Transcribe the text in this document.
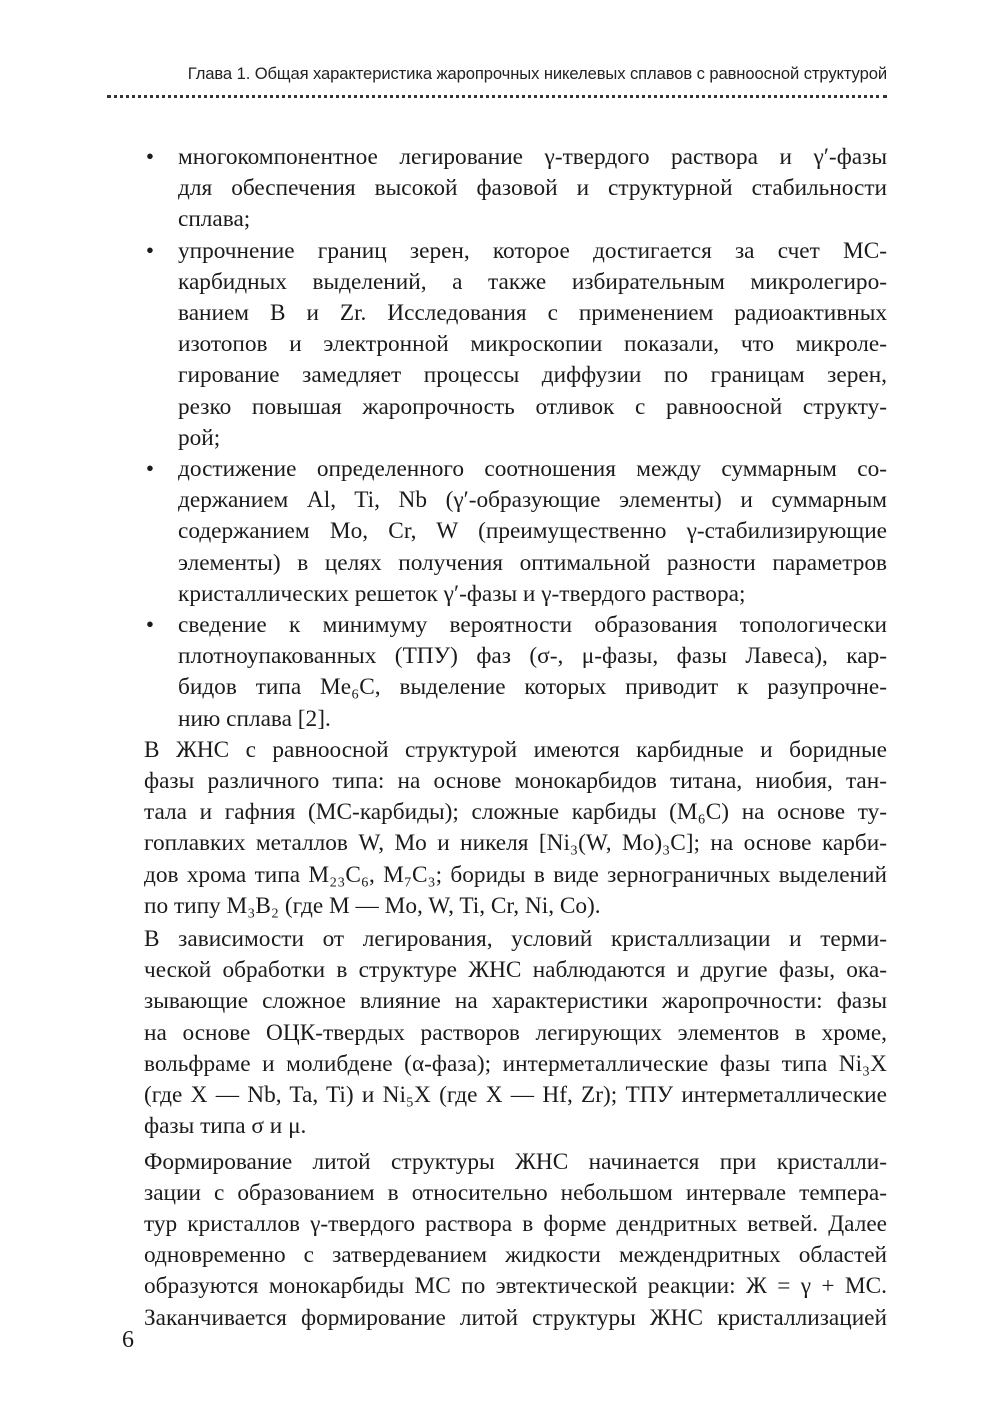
Глава 1. Общая характеристика жаропрочных никелевых сплавов с равноосной структурой
• многокомпонентное легирование γ-твердого раствора и γ′-фазы
для обеспечения высокой фазовой и структурной стабильности
сплава;
• упрочнение границ зерен, которое достигается за счет МС-
карбидных выделений, а также избирательным микролегиро-
ванием B и Zr. Исследования с применением радиоактивных
изотопов и электронной микроскопии показали, что микроле-
гирование замедляет процессы диффузии по границам зерен,
резко повышая жаропрочность отливок с равноосной структу-
рой;
• достижение определенного соотношения между суммарным со-
держанием Al, Ti, Nb (γ′-образующие элементы) и суммарным
содержанием Mo, Cr, W (преимущественно γ-стабилизирующие
элементы) в целях получения оптимальной разности параметров
кристаллических решеток γ′-фазы и γ-твердого раствора;
• сведение к минимуму вероятности образования топологически
плотноупакованных (ТПУ) фаз (σ-, μ-фазы, фазы Лавеса), кар-
бидов типа Me₆C, выделение которых приводит к разупрочне-
нию сплава [2].
В ЖНС с равноосной структурой имеются карбидные и боридные
фазы различного типа: на основе монокарбидов титана, ниобия, тан-
тала и гафния (МС-карбиды); сложные карбиды (M₆C) на основе ту-
гоплавких металлов W, Mo и никеля [Ni₃(W, Mo)₃C]; на основе карби-
дов хрома типа M₂₃C₆, M₇C₃; бориды в виде зернограничных выделений
по типу M₃B₂ (где M — Mo, W, Ti, Cr, Ni, Co).
В зависимости от легирования, условий кристаллизации и терми-
ческой обработки в структуре ЖНС наблюдаются и другие фазы, ока-
зывающие сложное влияние на характеристики жаропрочности: фазы
на основе ОЦК-твердых растворов легирующих элементов в хроме,
вольфраме и молибдене (α-фаза); интерметаллические фазы типа Ni₃X
(где X — Nb, Ta, Ti) и Ni₅X (где X — Hf, Zr); ТПУ интерметаллические
фазы типа σ и μ.
Формирование литой структуры ЖНС начинается при кристалли-
зации с образованием в относительно небольшом интервале темпера-
тур кристаллов γ-твердого раствора в форме дендритных ветвей. Далее
одновременно с затвердеванием жидкости междендритных областей
образуются монокарбиды МС по эвтектической реакции: Ж = γ + МС.
Заканчивается формирование литой структуры ЖНС кристаллизацией
6
